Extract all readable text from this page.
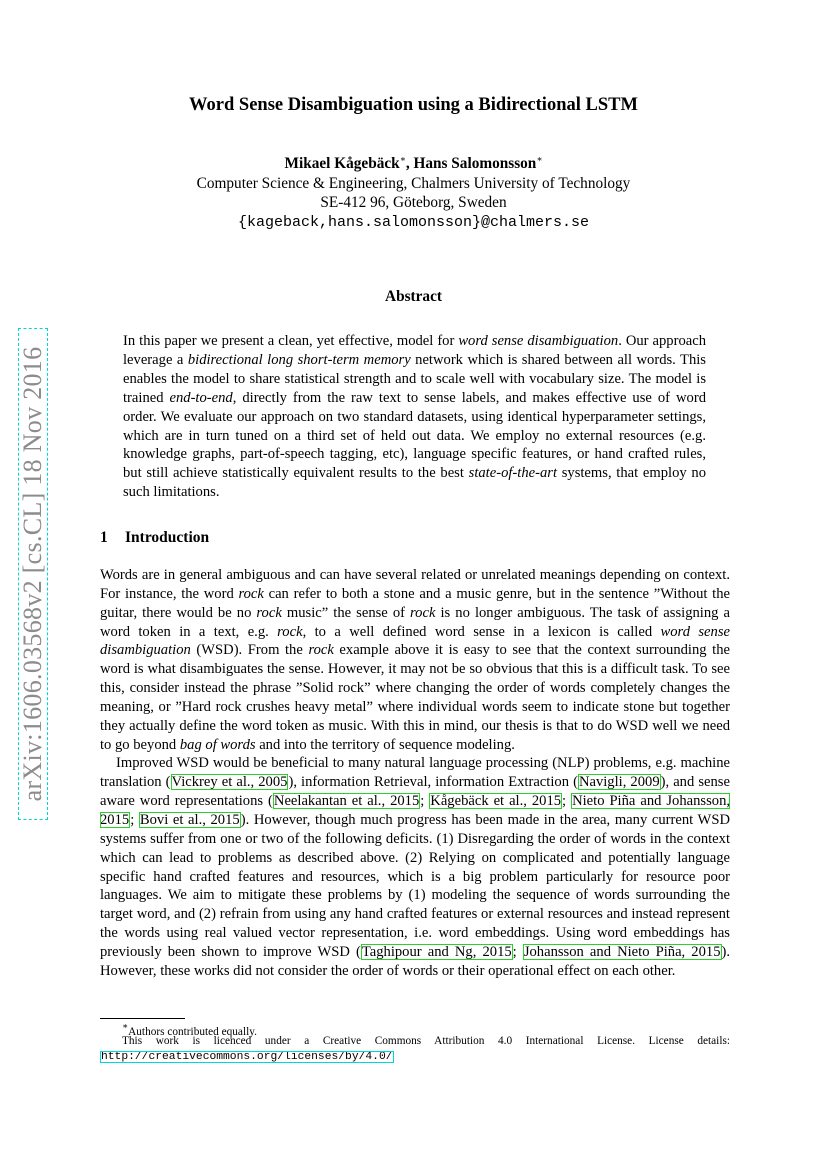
arXiv:1606.03568v2 [cs.CL] 18 Nov 2016
Word Sense Disambiguation using a Bidirectional LSTM
Mikael Kågebäck∗, Hans Salomonsson∗
Computer Science & Engineering, Chalmers University of Technology
SE-412 96, Göteborg, Sweden
{kageback,hans.salomonsson}@chalmers.se
Abstract
In this paper we present a clean, yet effective, model for word sense disambiguation. Our approach leverage a bidirectional long short-term memory network which is shared between all words. This enables the model to share statistical strength and to scale well with vocabulary size. The model is trained end-to-end, directly from the raw text to sense labels, and makes effective use of word order. We evaluate our approach on two standard datasets, using identical hyperparameter settings, which are in turn tuned on a third set of held out data. We employ no external resources (e.g. knowledge graphs, part-of-speech tagging, etc), language specific features, or hand crafted rules, but still achieve statistically equivalent results to the best state-of-the-art systems, that employ no such limitations.
1 Introduction

Words are in general ambiguous and can have several related or unrelated meanings depending on context. For instance, the word rock can refer to both a stone and a music genre, but in the sentence ”Without the guitar, there would be no rock music” the sense of rock is no longer ambiguous. The task of assigning a word token in a text, e.g. rock, to a well defined word sense in a lexicon is called word sense disambiguation (WSD). From the rock example above it is easy to see that the context surrounding the word is what disambiguates the sense. However, it may not be so obvious that this is a difficult task. To see this, consider instead the phrase ”Solid rock” where changing the order of words completely changes the meaning, or ”Hard rock crushes heavy metal” where individual words seem to indicate stone but together they actually define the word token as music. With this in mind, our thesis is that to do WSD well we need to go beyond bag of words and into the territory of sequence modeling.

Improved WSD would be beneficial to many natural language processing (NLP) problems, e.g. machine translation (Vickrey et al., 2005), information Retrieval, information Extraction (Navigli, 2009), and sense aware word representations (Neelakantan et al., 2015; Kågebäck et al., 2015; Nieto Piña and Johansson, 2015; Bovi et al., 2015). However, though much progress has been made in the area, many current WSD systems suffer from one or two of the following deficits. (1) Disregarding the order of words in the context which can lead to problems as described above. (2) Relying on complicated and potentially language specific hand crafted features and resources, which is a big problem particularly for resource poor languages. We aim to mitigate these problems by (1) modeling the sequence of words surrounding the target word, and (2) refrain from using any hand crafted features or external resources and instead represent the words using real valued vector representation, i.e. word embeddings. Using word embeddings has previously been shown to improve WSD (Taghipour and Ng, 2015; Johansson and Nieto Piña, 2015). However, these works did not consider the order of words or their operational effect on each other.

∗Authors contributed equally.
This work is licenced under a Creative Commons Attribution 4.0 International License. License details:
http://creativecommons.org/licenses/by/4.0/
